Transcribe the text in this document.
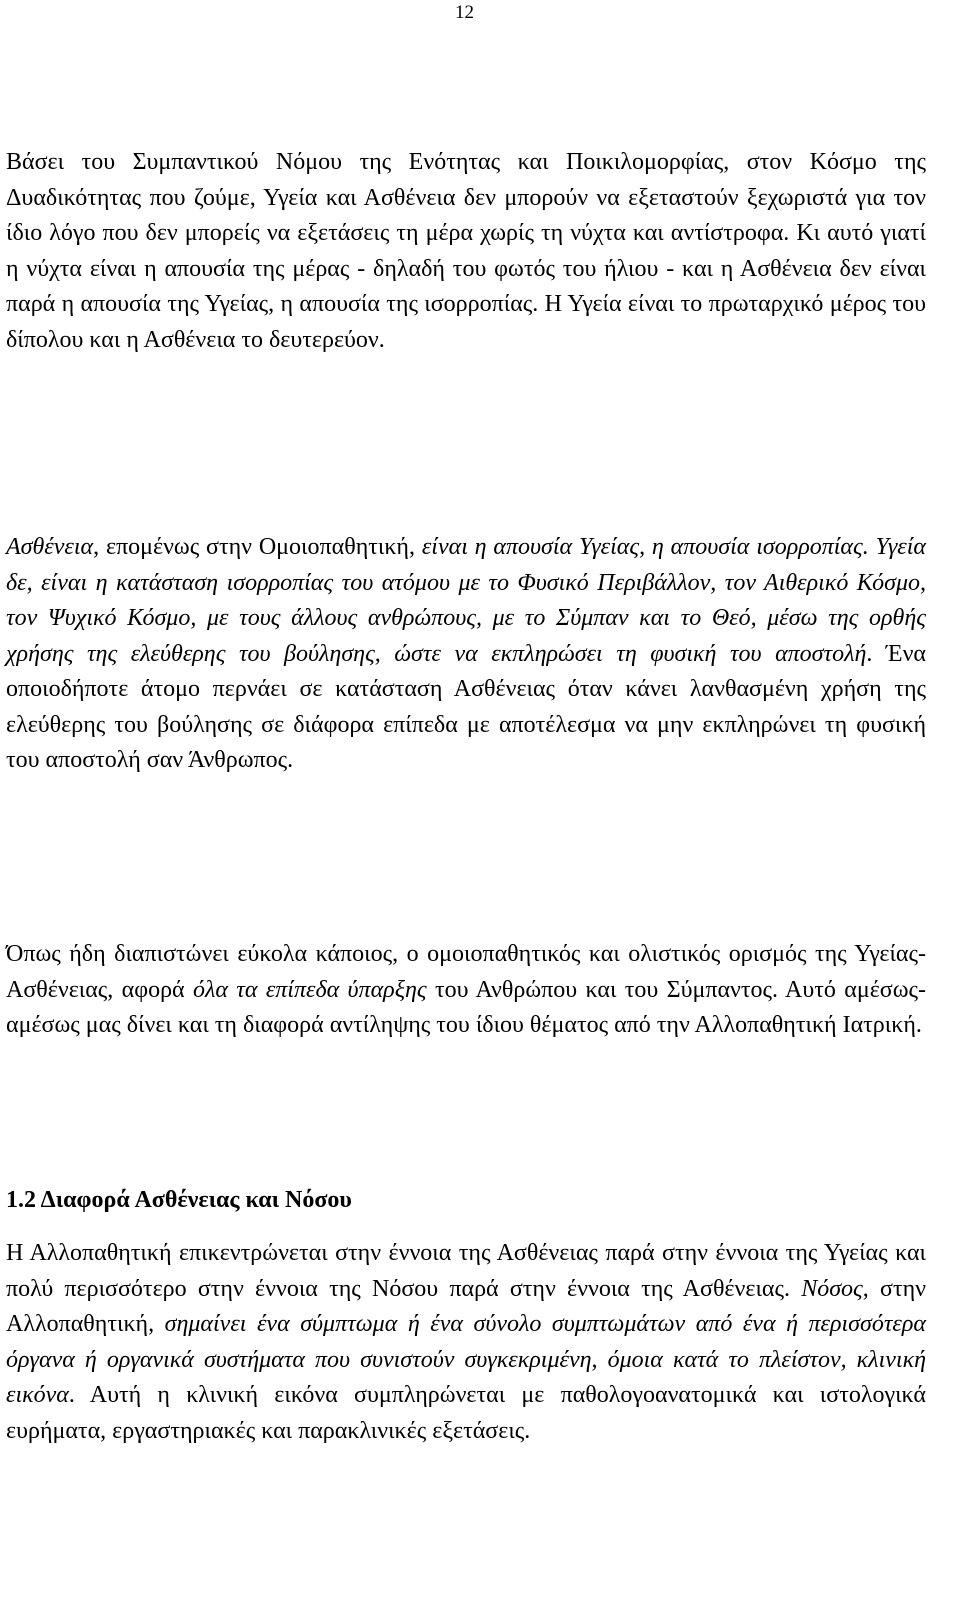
12

Βάσει του Συμπαντικού Νόμου της Ενότητας και Ποικιλομορφίας, στον Κόσμο της Δυαδικότητας που ζούμε, Υγεία και Ασθένεια δεν μπορούν να εξεταστούν ξεχωριστά για τον ίδιο λόγο που δεν μπορείς να εξετάσεις τη μέρα χωρίς τη νύχτα και αντίστροφα. Κι αυτό γιατί η νύχτα είναι η απουσία της μέρας - δηλαδή του φωτός του ήλιου - και η Ασθένεια δεν είναι παρά η απουσία της Υγείας, η απουσία της ισορροπίας. Η Υγεία είναι το πρωταρχικό μέρος του δίπολου και η Ασθένεια το δευτερεύον.

Ασθένεια, επομένως στην Ομοιοπαθητική, είναι η απουσία Υγείας, η απουσία ισορροπίας. Υγεία δε, είναι η κατάσταση ισορροπίας του ατόμου με το Φυσικό Περιβάλλον, τον Αιθερικό Κόσμο, τον Ψυχικό Κόσμο, με τους άλλους ανθρώπους, με το Σύμπαν και το Θεό, μέσω της ορθής χρήσης της ελεύθερης του βούλησης, ώστε να εκπληρώσει τη φυσική του αποστολή. Ένα οποιοδήποτε άτομο περνάει σε κατάσταση Ασθένειας όταν κάνει λανθασμένη χρήση της ελεύθερης του βούλησης σε διάφορα επίπεδα με αποτέλεσμα να μην εκπληρώνει τη φυσική του αποστολή σαν Άνθρωπος.

Όπως ήδη διαπιστώνει εύκολα κάποιος, ο ομοιοπαθητικός και ολιστικός ορισμός της Υγείας-Ασθένειας, αφορά όλα τα επίπεδα ύπαρξης του Ανθρώπου και του Σύμπαντος. Αυτό αμέσως-αμέσως μας δίνει και τη διαφορά αντίληψης του ίδιου θέματος από την Αλλοπαθητική Ιατρική.

1.2 Διαφορά Ασθένειας και Νόσου

Η Αλλοπαθητική επικεντρώνεται στην έννοια της Ασθένειας παρά στην έννοια της Υγείας και πολύ περισσότερο στην έννοια της Νόσου παρά στην έννοια της Ασθένειας. Νόσος, στην Αλλοπαθητική, σημαίνει ένα σύμπτωμα ή ένα σύνολο συμπτωμάτων από ένα ή περισσότερα όργανα ή οργανικά συστήματα που συνιστούν συγκεκριμένη, όμοια κατά το πλείστον, κλινική εικόνα. Αυτή η κλινική εικόνα συμπληρώνεται με παθολογοανατομικά και ιστολογικά ευρήματα, εργαστηριακές και παρακλινικές εξετάσεις.
